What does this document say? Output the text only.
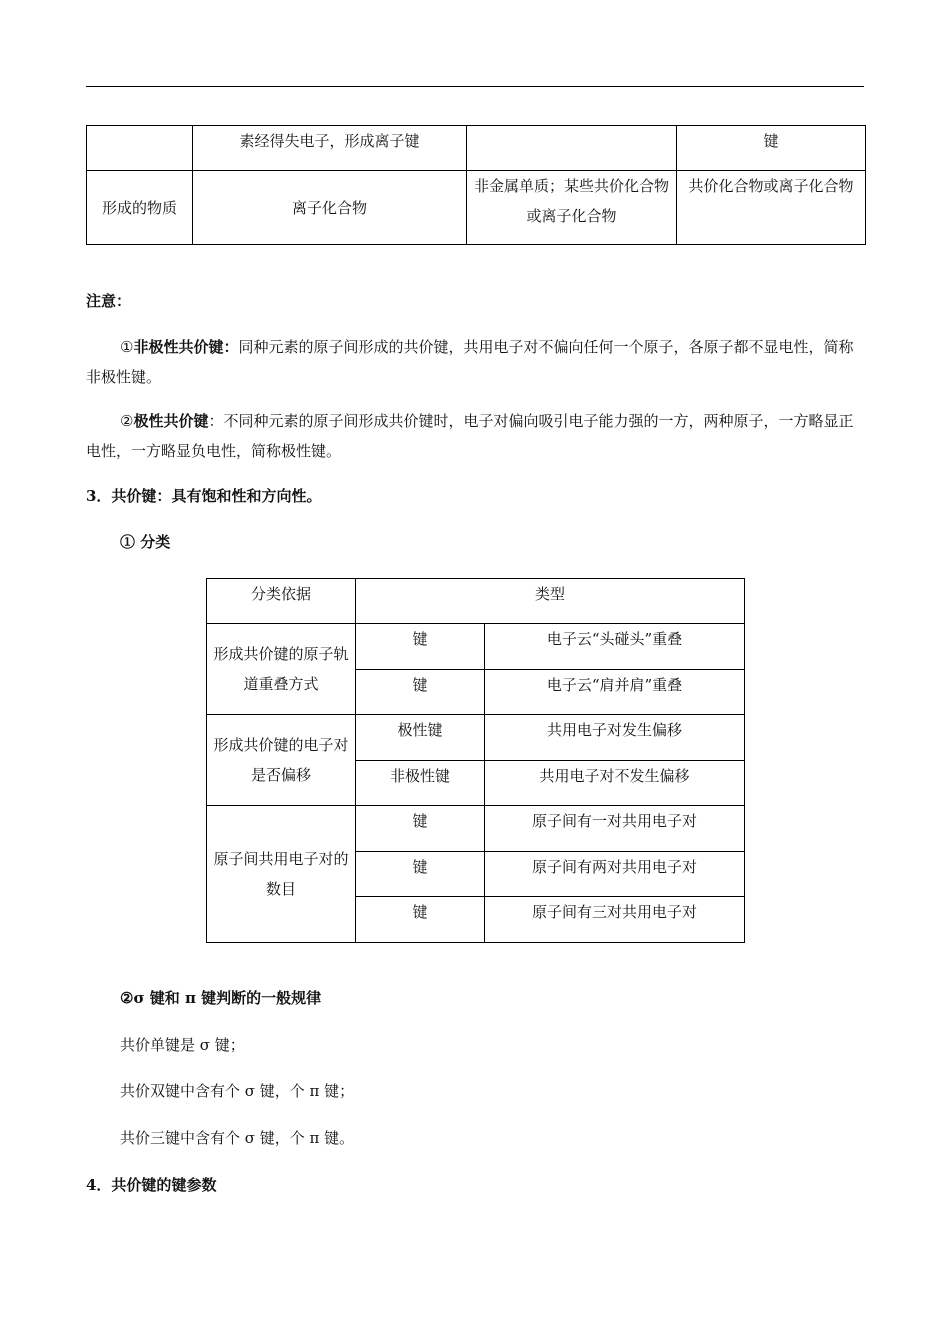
	素经得失电子，形成离子键		键
形成的物质	离子化合物	非金属单质；某些共价化合物或离子化合物	共价化合物或离子化合物

注意：

①非极性共价键：同种元素的原子间形成的共价键，共用电子对不偏向任何一个原子，各原子都不显电性，简称非极性键。

②极性共价键：不同种元素的原子间形成共价键时，电子对偏向吸引电子能力强的一方，两种原子，一方略显正电性，一方略显负电性，简称极性键。

3．共价键：具有饱和性和方向性。

① 分类

分类依据	类型	
形成共价键的原子轨道重叠方式	键	电子云“头碰头”重叠
	键	电子云“肩并肩”重叠
形成共价键的电子对是否偏移	极性键	共用电子对发生偏移
	非极性键	共用电子对不发生偏移
原子间共用电子对的数目	键	原子间有一对共用电子对
	键	原子间有两对共用电子对
	键	原子间有三对共用电子对

②σ 键和 π 键判断的一般规律

共价单键是 σ 键；

共价双键中含有个 σ 键，个 π 键；

共价三键中含有个 σ 键，个 π 键。

4．共价键的键参数
